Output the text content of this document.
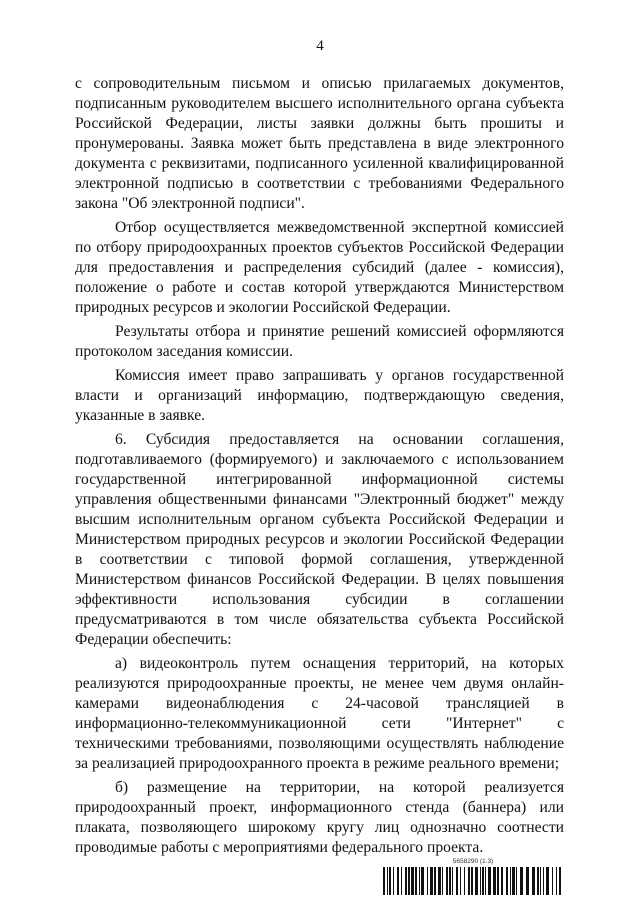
4

с сопроводительным письмом и описью прилагаемых документов, подписанным руководителем высшего исполнительного органа субъекта Российской Федерации, листы заявки должны быть прошиты и пронумерованы. Заявка может быть представлена в виде электронного документа с реквизитами, подписанного усиленной квалифицированной электронной подписью в соответствии с требованиями Федерального закона "Об электронной подписи".

Отбор осуществляется межведомственной экспертной комиссией по отбору природоохранных проектов субъектов Российской Федерации для предоставления и распределения субсидий (далее - комиссия), положение о работе и состав которой утверждаются Министерством природных ресурсов и экологии Российской Федерации.

Результаты отбора и принятие решений комиссией оформляются протоколом заседания комиссии.

Комиссия имеет право запрашивать у органов государственной власти и организаций информацию, подтверждающую сведения, указанные в заявке.

6. Субсидия предоставляется на основании соглашения, подготавливаемого (формируемого) и заключаемого с использованием государственной интегрированной информационной системы управления общественными финансами "Электронный бюджет" между высшим исполнительным органом субъекта Российской Федерации и Министерством природных ресурсов и экологии Российской Федерации в соответствии с типовой формой соглашения, утвержденной Министерством финансов Российской Федерации. В целях повышения эффективности использования субсидии в соглашении предусматриваются в том числе обязательства субъекта Российской Федерации обеспечить:

а) видеоконтроль путем оснащения территорий, на которых реализуются природоохранные проекты, не менее чем двумя онлайн-камерами видеонаблюдения с 24-часовой трансляцией в информационно-телекоммуникационной сети "Интернет" с техническими требованиями, позволяющими осуществлять наблюдение за реализацией природоохранного проекта в режиме реального времени;

б) размещение на территории, на которой реализуется природоохранный проект, информационного стенда (баннера) или плаката, позволяющего широкому кругу лиц однозначно соотнести проводимые работы с мероприятиями федерального проекта.

5658290 (1.3)
